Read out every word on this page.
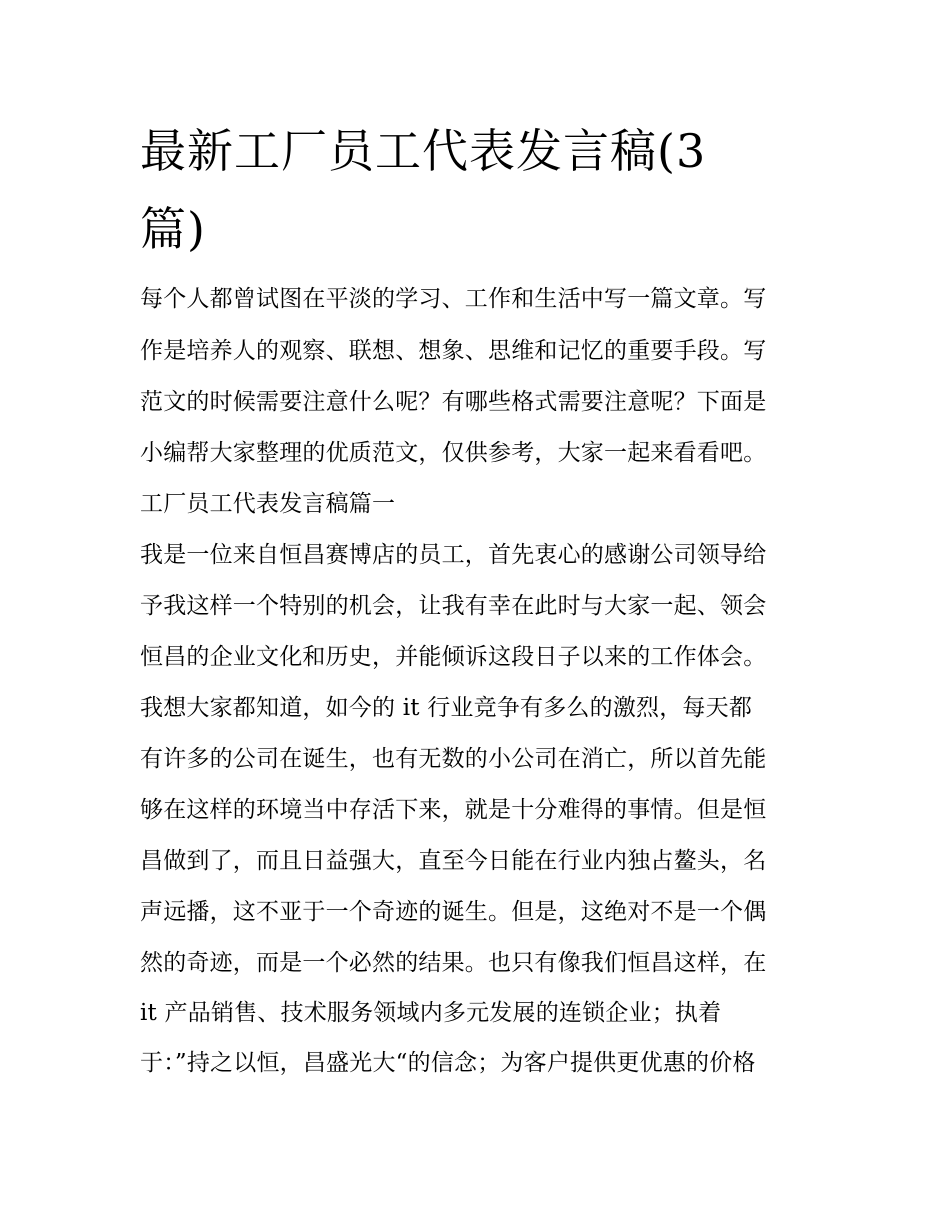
最新工厂员工代表发言稿(3
篇)

每个人都曾试图在平淡的学习、工作和生活中写一篇文章。写

作是培养人的观察、联想、想象、思维和记忆的重要手段。写

范文的时候需要注意什么呢？有哪些格式需要注意呢？下面是

小编帮大家整理的优质范文，仅供参考，大家一起来看看吧。

工厂员工代表发言稿篇一

我是一位来自恒昌赛博店的员工，首先衷心的感谢公司领导给

予我这样一个特别的机会，让我有幸在此时与大家一起、领会

恒昌的企业文化和历史，并能倾诉这段日子以来的工作体会。

我想大家都知道，如今的 it 行业竞争有多么的激烈，每天都

有许多的公司在诞生，也有无数的小公司在消亡，所以首先能

够在这样的环境当中存活下来，就是十分难得的事情。但是恒

昌做到了，而且日益强大，直至今日能在行业内独占鳌头，名

声远播，这不亚于一个奇迹的诞生。但是，这绝对不是一个偶

然的奇迹，而是一个必然的结果。也只有像我们恒昌这样，在

it 产品销售、技术服务领域内多元发展的连锁企业；执着

于：”持之以恒，昌盛光大“的信念；为客户提供更优惠的价格
